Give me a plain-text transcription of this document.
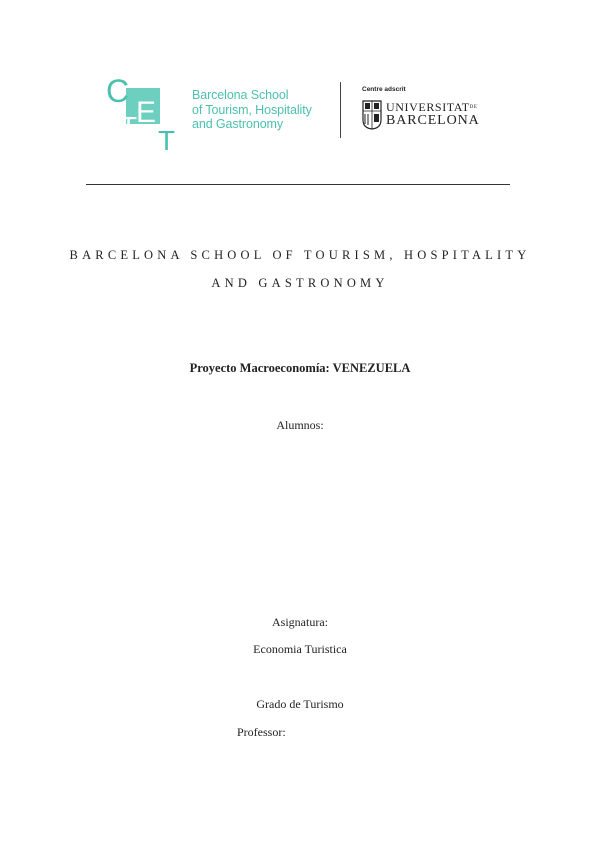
C
E
T T
Barcelona School
of Tourism, Hospitality
and Gastronomy
Centre adscrit
$UNIVERSITAT^{DE}$
BARCELONA
BARCELONA SCHOOL OF TOURISM, HOSPITALITY
AND GASTRONOMY
Proyecto Macroeconomía: VENEZUELA
Alumnos:
Asignatura:
Economia Turistica
Grado de Turismo
Professor:
